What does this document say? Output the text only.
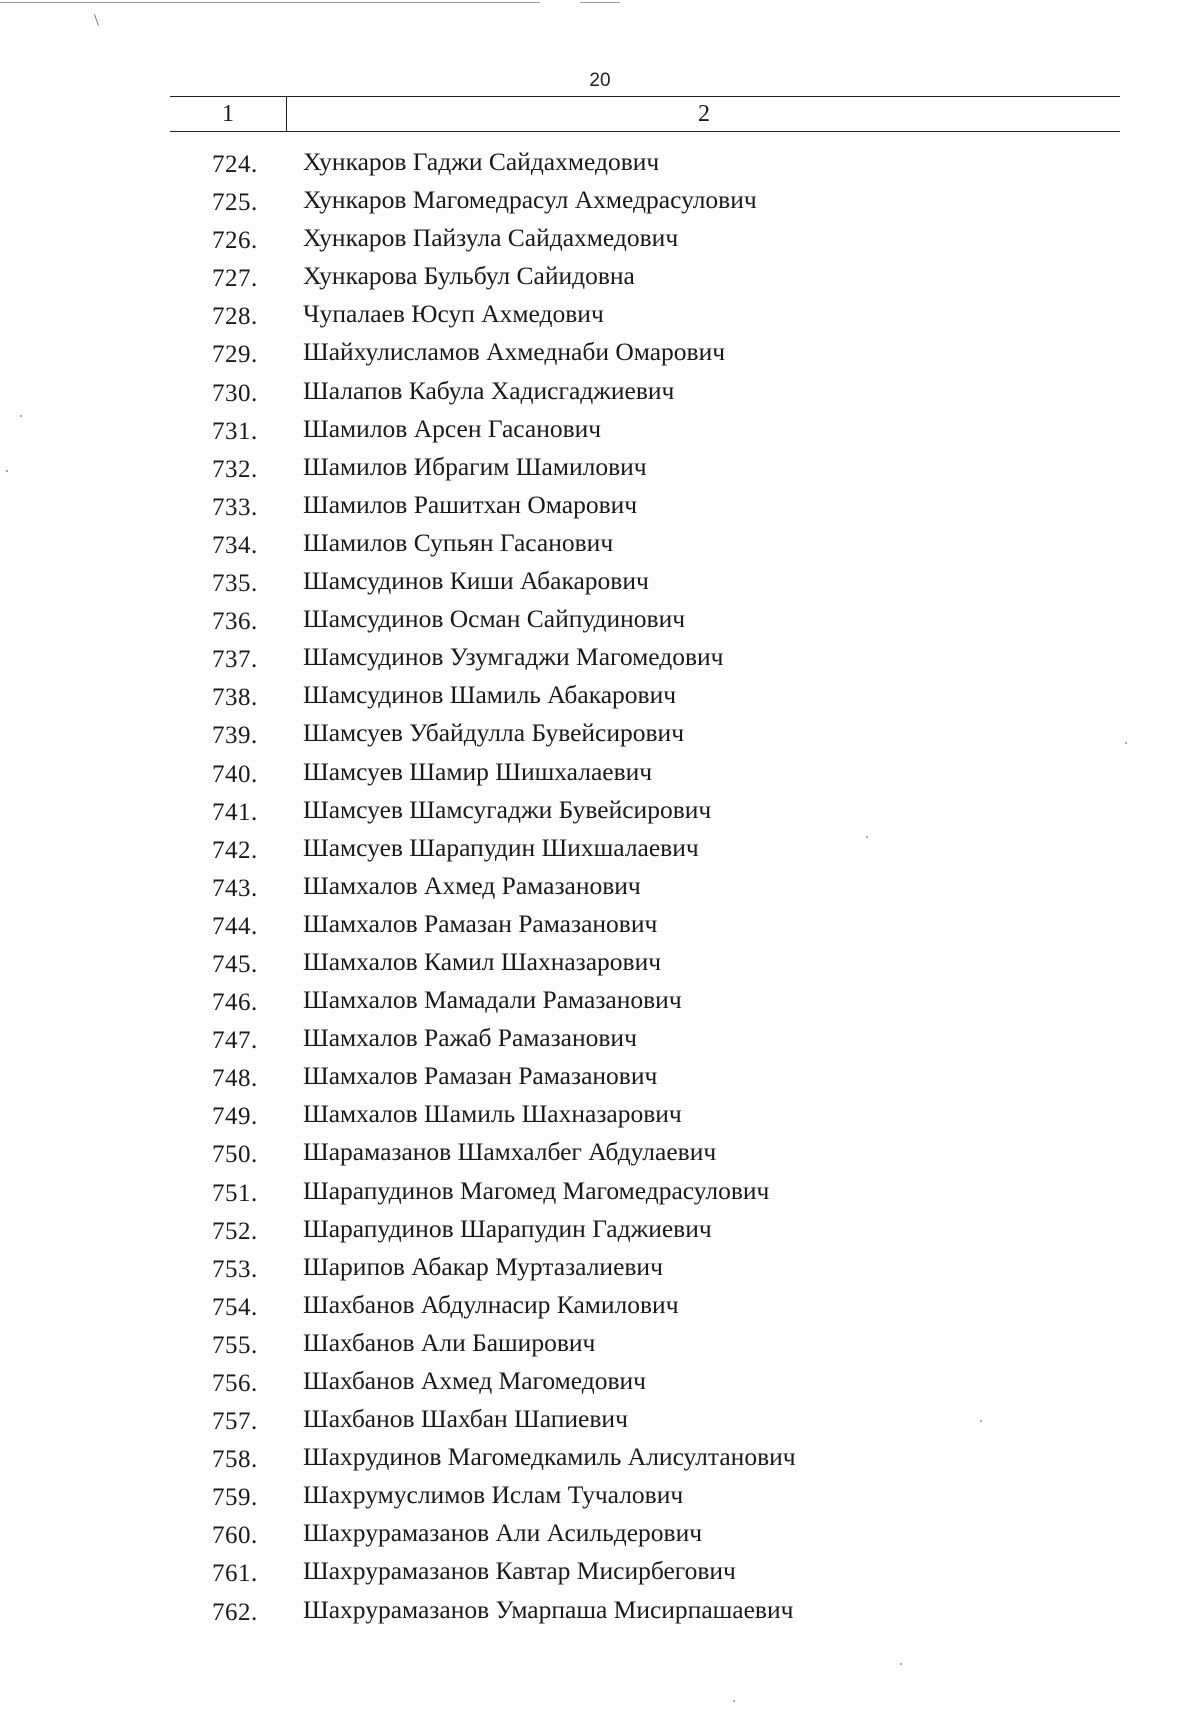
20
1	2
724.	Хункаров Гаджи Сайдахмедович
725.	Хункаров Магомедрасул Ахмедрасулович
726.	Хункаров Пайзула Сайдахмедович
727.	Хункарова Бульбул Сайидовна
728.	Чупалаев Юсуп Ахмедович
729.	Шайхулисламов Ахмеднаби Омарович
730.	Шалапов Кабула Хадисгаджиевич
731.	Шамилов Арсен Гасанович
732.	Шамилов Ибрагим Шамилович
733.	Шамилов Рашитхан Омарович
734.	Шамилов Супьян Гасанович
735.	Шамсудинов Киши Абакарович
736.	Шамсудинов Осман Сайпудинович
737.	Шамсудинов Узумгаджи Магомедович
738.	Шамсудинов Шамиль Абакарович
739.	Шамсуев Убайдулла Бувейсирович
740.	Шамсуев Шамир Шишхалаевич
741.	Шамсуев Шамсугаджи Бувейсирович
742.	Шамсуев Шарапудин Шихшалаевич
743.	Шамхалов Ахмед Рамазанович
744.	Шамхалов Рамазан Рамазанович
745.	Шамхалов Камил Шахназарович
746.	Шамхалов Мамадали Рамазанович
747.	Шамхалов Ражаб Рамазанович
748.	Шамхалов Рамазан Рамазанович
749.	Шамхалов Шамиль Шахназарович
750.	Шарамазанов Шамхалбег Абдулаевич
751.	Шарапудинов Магомед Магомедрасулович
752.	Шарапудинов Шарапудин Гаджиевич
753.	Шарипов Абакар Муртазалиевич
754.	Шахбанов Абдулнасир Камилович
755.	Шахбанов Али Баширович
756.	Шахбанов Ахмед Магомедович
757.	Шахбанов Шахбан Шапиевич
758.	Шахрудинов Магомедкамиль Алисултанович
759.	Шахрумуслимов Ислам Тучалович
760.	Шахрурамазанов Али Асильдерович
761.	Шахрурамазанов Кавтар Мисирбегович
762.	Шахрурамазанов Умарпаша Мисирпашаевич
